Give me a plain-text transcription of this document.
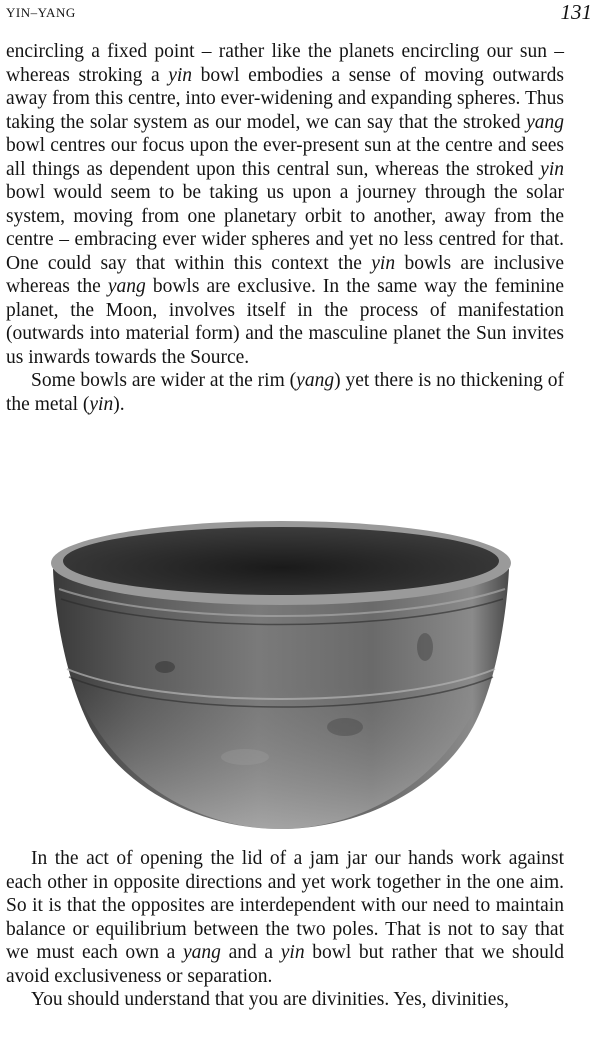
YIN–YANG	131

encircling a fixed point – rather like the planets encircling our sun – whereas stroking a yin bowl embodies a sense of moving outwards away from this centre, into ever-widening and expanding spheres. Thus taking the solar system as our model, we can say that the stroked yang bowl centres our focus upon the ever-present sun at the centre and sees all things as dependent upon this central sun, whereas the stroked yin bowl would seem to be taking us upon a journey through the solar system, moving from one planetary orbit to another, away from the centre – embracing ever wider spheres and yet no less centred for that. One could say that within this context the yin bowls are inclusive whereas the yang bowls are exclusive. In the same way the feminine planet, the Moon, involves itself in the process of manifestation (outwards into material form) and the masculine planet the Sun invites us inwards towards the Source.

Some bowls are wider at the rim (yang) yet there is no thickening of the metal (yin).

In the act of opening the lid of a jam jar our hands work against each other in opposite directions and yet work together in the one aim. So it is that the opposites are interdependent with our need to maintain balance or equilibrium between the two poles. That is not to say that we must each own a yang and a yin bowl but rather that we should avoid exclusiveness or separation.

You should understand that you are divinities. Yes, divinities,
